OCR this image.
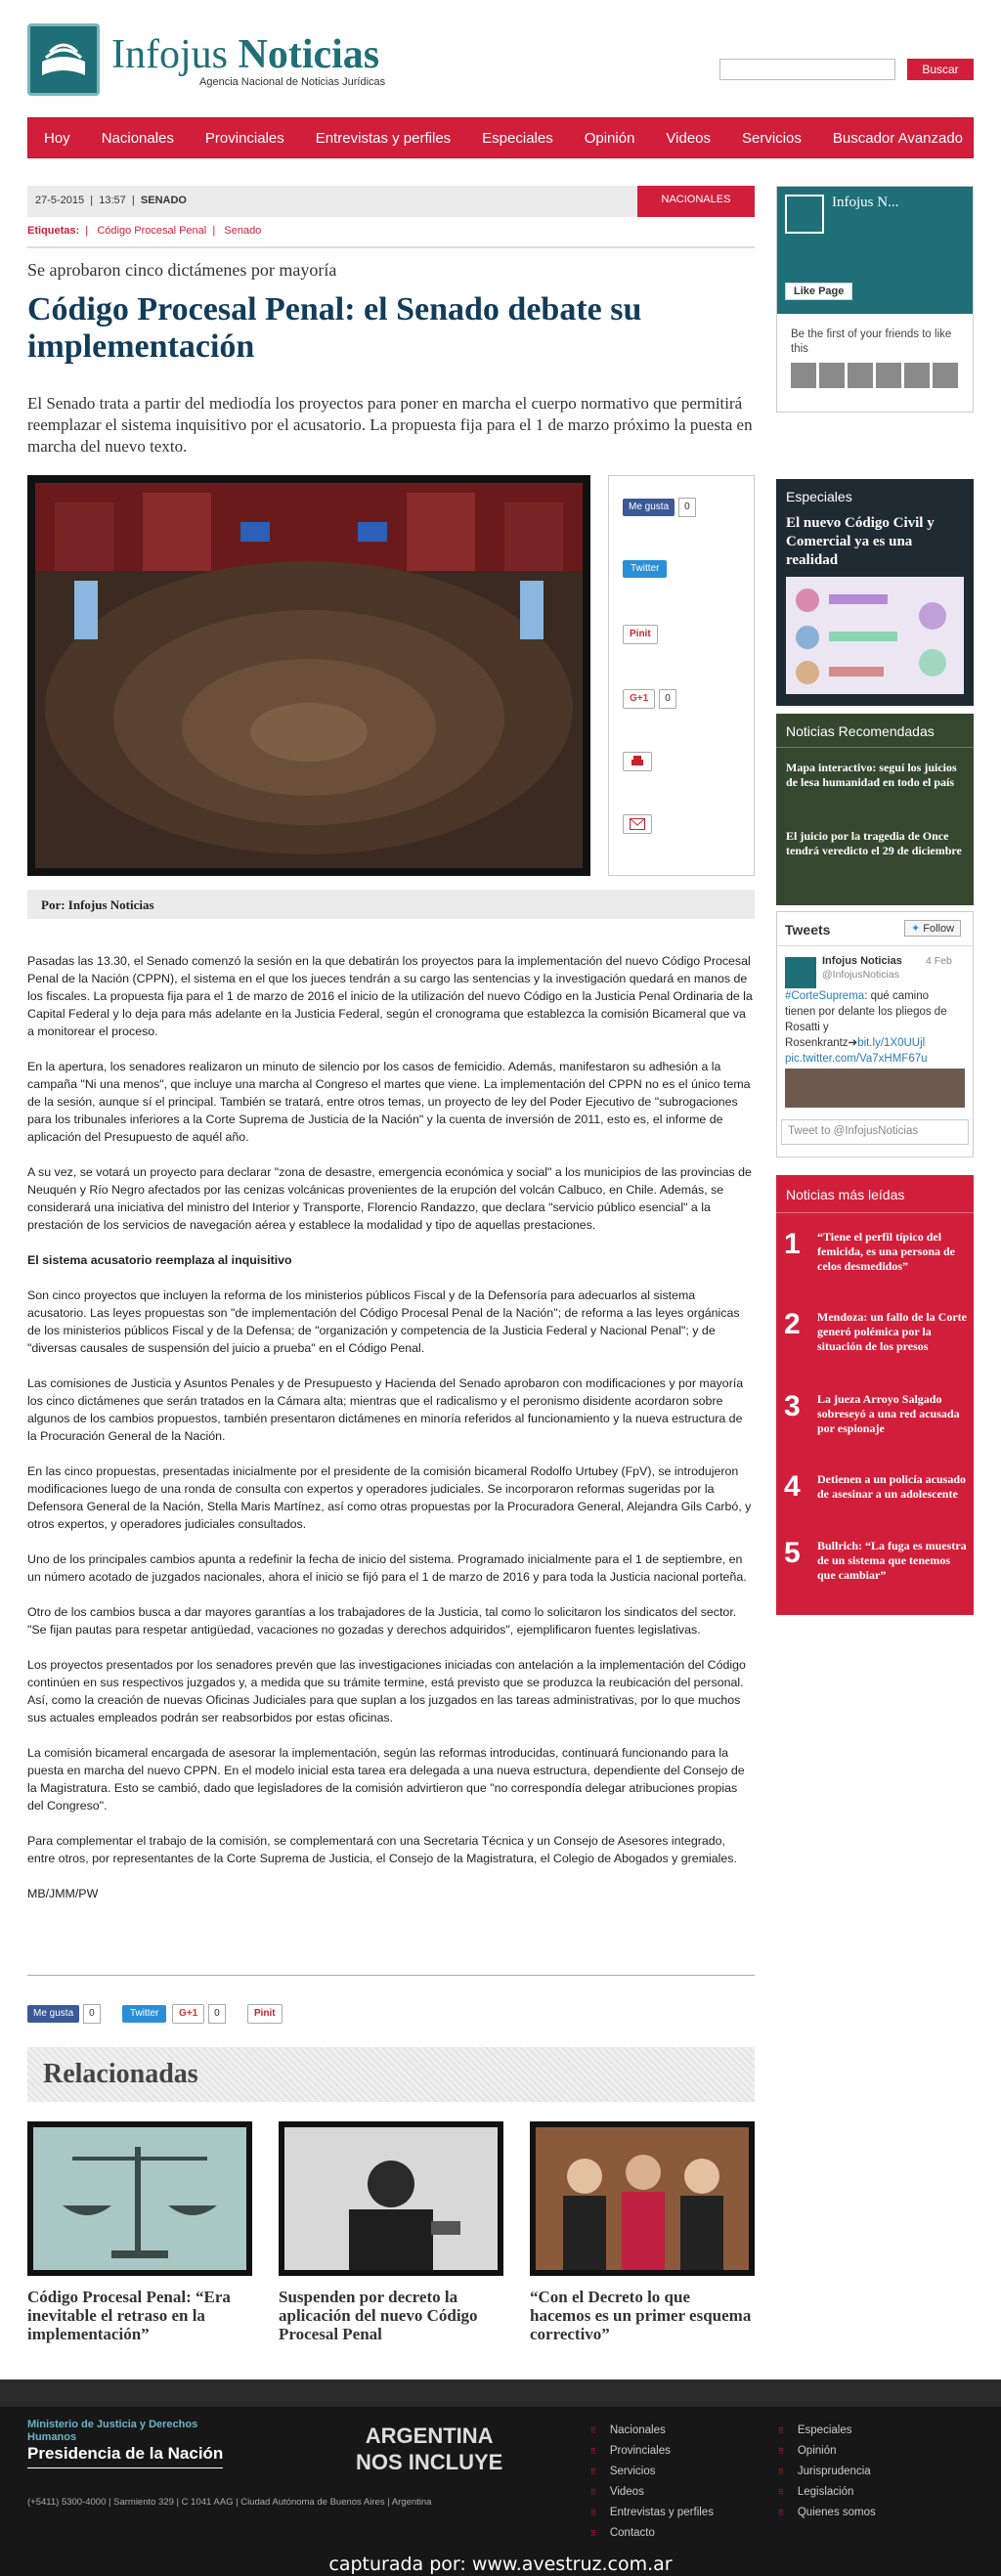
Infojus Noticias
Agencia Nacional de Noticias Jurídicas
Buscar
Hoy	Nacionales	Provinciales	Entrevistas y perfiles	Especiales	Opinión	Videos	Servicios	Buscador Avanzado
27-5-2015 | 13:57 | SENADO	NACIONALES
Etiquetas:  |   Código Procesal Penal  |   Senado
Se aprobaron cinco dictámenes por mayoría
Código Procesal Penal: el Senado debate su implementación
El Senado trata a partir del mediodía los proyectos para poner en marcha el cuerpo normativo que permitirá reemplazar el sistema inquisitivo por el acusatorio. La propuesta fija para el 1 de marzo próximo la puesta en marcha del nuevo texto.
Me gusta 0
Twitter
Pinit
G+1 0
Por: Infojus Noticias

Pasadas las 13.30, el Senado comenzó la sesión en la que debatirán los proyectos para la implementación del nuevo Código Procesal Penal de la Nación (CPPN), el sistema en el que los jueces tendrán a su cargo las sentencias y la investigación quedará en manos de los fiscales. La propuesta fija para el 1 de marzo de 2016 el inicio de la utilización del nuevo Código en la Justicia Penal Ordinaria de la Capital Federal y lo deja para más adelante en la Justicia Federal, según el cronograma que establezca la comisión Bicameral que va a monitorear el proceso.

En la apertura, los senadores realizaron un minuto de silencio por los casos de femicidio. Además, manifestaron su adhesión a la campaña "Ni una menos", que incluye una marcha al Congreso el martes que viene. La implementación del CPPN no es el único tema de la sesión, aunque sí el principal. También se tratará, entre otros temas, un proyecto de ley del Poder Ejecutivo de "subrogaciones para los tribunales inferiores a la Corte Suprema de Justicia de la Nación" y la cuenta de inversión de 2011, esto es, el informe de aplicación del Presupuesto de aquél año.

A su vez, se votará un proyecto para declarar "zona de desastre, emergencia económica y social" a los municipios de las provincias de Neuquén y Río Negro afectados por las cenizas volcánicas provenientes de la erupción del volcán Calbuco, en Chile. Además, se considerará una iniciativa del ministro del Interior y Transporte, Florencio Randazzo, que declara "servicio público esencial" a la prestación de los servicios de navegación aérea y establece la modalidad y tipo de aquellas prestaciones.

El sistema acusatorio reemplaza al inquisitivo

Son cinco proyectos que incluyen la reforma de los ministerios públicos Fiscal y de la Defensoría para adecuarlos al sistema acusatorio. Las leyes propuestas son "de implementación del Código Procesal Penal de la Nación"; de reforma a las leyes orgánicas de los ministerios públicos Fiscal y de la Defensa; de "organización y competencia de la Justicia Federal y Nacional Penal"; y de "diversas causales de suspensión del juicio a prueba" en el Código Penal.

Las comisiones de Justicia y Asuntos Penales y de Presupuesto y Hacienda del Senado aprobaron con modificaciones y por mayoría los cinco dictámenes que serán tratados en la Cámara alta; mientras que el radicalismo y el peronismo disidente acordaron sobre algunos de los cambios propuestos, también presentaron dictámenes en minoría referidos al funcionamiento y la nueva estructura de la Procuración General de la Nación.

En las cinco propuestas, presentadas inicialmente por el presidente de la comisión bicameral Rodolfo Urtubey (FpV), se introdujeron modificaciones luego de una ronda de consulta con expertos y operadores judiciales. Se incorporaron reformas sugeridas por la Defensora General de la Nación, Stella Maris Martínez, así como otras propuestas por la Procuradora General, Alejandra Gils Carbó, y otros expertos, y operadores judiciales consultados.

Uno de los principales cambios apunta a redefinir la fecha de inicio del sistema. Programado inicialmente para el 1 de septiembre, en un número acotado de juzgados nacionales, ahora el inicio se fijó para el 1 de marzo de 2016 y para toda la Justicia nacional porteña.

Otro de los cambios busca a dar mayores garantías a los trabajadores de la Justicia, tal como lo solicitaron los sindicatos del sector. "Se fijan pautas para respetar antigüedad, vacaciones no gozadas y derechos adquiridos", ejemplificaron fuentes legislativas.

Los proyectos presentados por los senadores prevén que las investigaciones iniciadas con antelación a la implementación del Código continúen en sus respectivos juzgados y, a medida que su trámite termine, está previsto que se produzca la reubicación del personal. Así, como la creación de nuevas Oficinas Judiciales para que suplan a los juzgados en las tareas administrativas, por lo que muchos sus actuales empleados podrán ser reabsorbidos por estas oficinas.

La comisión bicameral encargada de asesorar la implementación, según las reformas introducidas, continuará funcionando para la puesta en marcha del nuevo CPPN. En el modelo inicial esta tarea era delegada a una nueva estructura, dependiente del Consejo de la Magistratura. Esto se cambió, dado que legisladores de la comisión advirtieron que "no correspondía delegar atribuciones propias del Congreso".

Para complementar el trabajo de la comisión, se complementará con una Secretaria Técnica y un Consejo de Asesores integrado, entre otros, por representantes de la Corte Suprema de Justicia, el Consejo de la Magistratura, el Colegio de Abogados y gremiales.

MB/JMM/PW

Me gusta 0	Twitter G+1 0	Pinit
Relacionadas
Código Procesal Penal: “Era inevitable el retraso en la implementación”
Suspenden por decreto la aplicación del nuevo Código Procesal Penal
“Con el Decreto lo que hacemos es un primer esquema correctivo”
Infojus N...
Like Page
Be the first of your friends to like this
Especiales
El nuevo Código Civil y Comercial ya es una realidad
Noticias Recomendadas
Mapa interactivo: seguí los juicios de lesa humanidad en todo el país
El juicio por la tragedia de Once tendrá veredicto el 29 de diciembre
Tweets	✦ Follow
Infojus Noticias
@InfojusNoticias
4 Feb
#CorteSuprema: qué camino tienen por delante los pliegos de Rosatti y Rosenkrantz➔bit.ly/1X0UUjl
pic.twitter.com/Va7xHMF67u
Tweet to @InfojusNoticias
Noticias más leídas
1 “Tiene el perfil típico del femicida, es una persona de celos desmedidos”
2 Mendoza: un fallo de la Corte generó polémica por la situación de los presos
3 La jueza Arroyo Salgado sobreseyó a una red acusada por espionaje
4 Detienen a un policía acusado de asesinar a un adolescente
5 Bullrich: “La fuga es muestra de un sistema que tenemos que cambiar”
Ministerio de Justicia y Derechos Humanos
Presidencia de la Nación
(+5411) 5300-4000 | Sarmiento 329 | C 1041 AAG | Ciudad Autónoma de Buenos Aires | Argentina
ARGENTINA
NOS INCLUYE
⠿ Nacionales
⠿ Provinciales
⠿ Servicios
⠿ Videos
⠿ Entrevistas y perfiles
⠿ Contacto
⠿ Especiales
⠿ Opinión
⠿ Jurisprudencia
⠿ Legislación
⠿ Quienes somos
capturada por: www.avestruz.com.ar
